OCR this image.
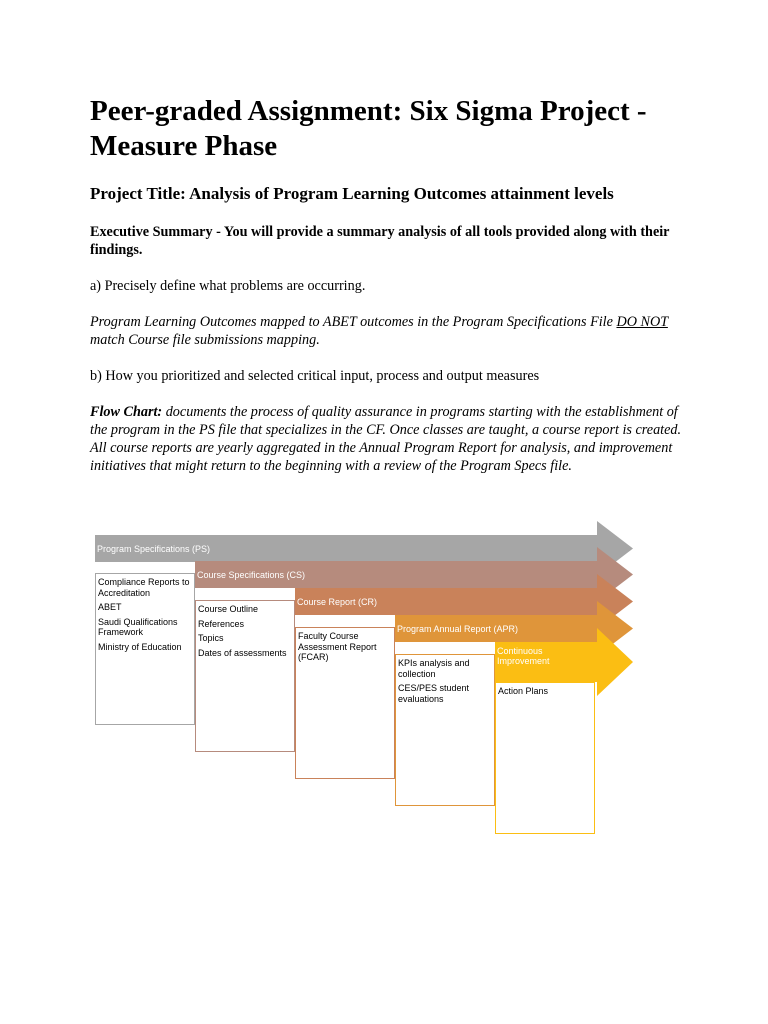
Peer-graded Assignment: Six Sigma Project - Measure Phase
Project Title: Analysis of Program Learning Outcomes attainment levels

Executive Summary - You will provide a summary analysis of all tools provided along with their findings.

a) Precisely define what problems are occurring.

Program Learning Outcomes mapped to ABET outcomes in the Program Specifications File DO NOT match Course file submissions mapping.

b) How you prioritized and selected critical input, process and output measures

Flow Chart: documents the process of quality assurance in programs starting with the establishment of the program in the PS file that specializes in the CF. Once classes are taught, a course report is created. All course reports are yearly aggregated in the Annual Program Report for analysis, and improvement initiatives that might return to the beginning with a review of the Program Specs file.

Compliance Reports to
Accreditation
ABET
Saudi Qualifications
Framework
Ministry of Education
Course Outline
References
Topics
Dates of assessments
Faculty Course
Assessment Report
(FCAR)
KPIs analysis and
collection
CES/PES student
evaluations
Action Plans
Program Specifications (PS)
Course Specifications (CS)
Course Report (CR)
Program Annual Report (APR)
Continuous
Improvement
